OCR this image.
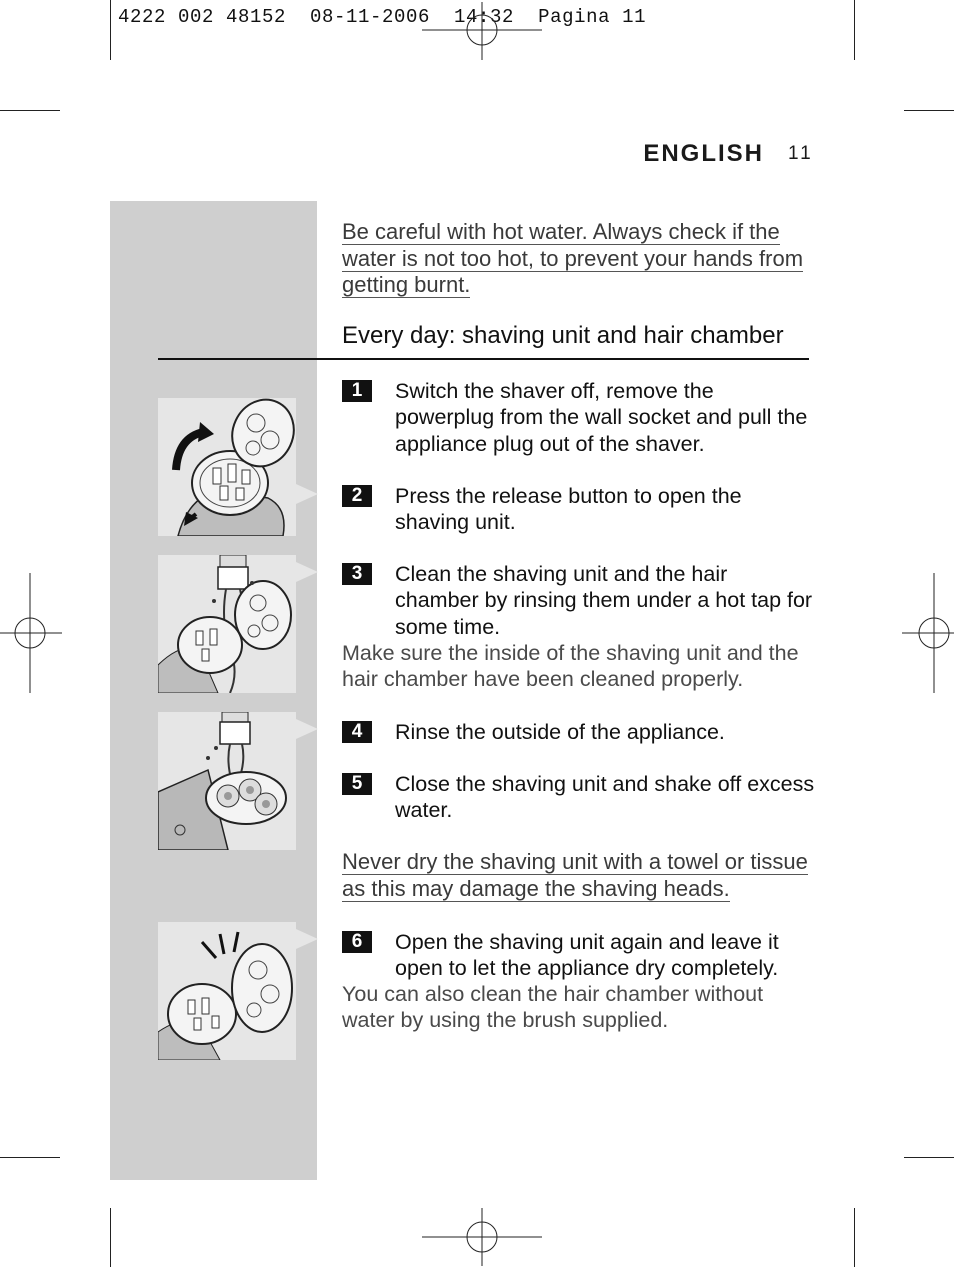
4222 002 48152  08-11-2006  14:32  Pagina 11
ENGLISH 11
Be careful with hot water. Always check if the
water is not too hot, to prevent your hands from
getting burnt.
Every day: shaving unit and hair chamber
1	Switch the shaver off, remove the powerplug from the wall socket and pull the appliance plug out of the shaver.
2	Press the release button to open the shaving unit.
3	Clean the shaving unit and the hair chamber by rinsing them under a hot tap for some time.
Make sure the inside of the shaving unit and the hair chamber have been cleaned properly.
4	Rinse the outside of the appliance.
5	Close the shaving unit and shake off excess water.
Never dry the shaving unit with a towel or tissue
as this may damage the shaving heads.
6	Open the shaving unit again and leave it open to let the appliance dry completely.
You can also clean the hair chamber without water by using the brush supplied.
